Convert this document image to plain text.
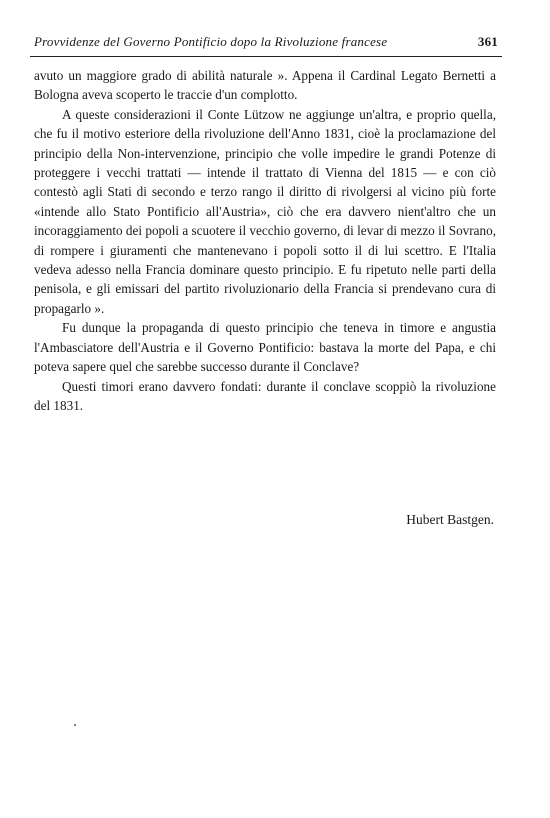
Provvidenze del Governo Pontificio dopo la Rivoluzione francese	361

avuto un maggiore grado di abilità naturale ». Appena il Cardinal Legato Bernetti a Bologna aveva scoperto le traccie d'un complotto.

A queste considerazioni il Conte Lützow ne aggiunge un'altra, e proprio quella, che fu il motivo esteriore della rivoluzione dell'Anno 1831, cioè la proclamazione del principio della Non-intervenzione, principio che volle impedire le grandi Potenze di proteggere i vecchi trattati — intende il trattato di Vienna del 1815 — e con ciò contestò agli Stati di secondo e terzo rango il diritto di rivolgersi al vicino più forte «intende allo Stato Pontificio all'Austria», ciò che era davvero nient'altro che un incoraggiamento dei popoli a scuotere il vecchio governo, di levar di mezzo il Sovrano, di rompere i giuramenti che mantenevano i popoli sotto il di lui scettro. E l'Italia vedeva adesso nella Francia dominare questo principio. E fu ripetuto nelle parti della penisola, e gli emissari del partito rivoluzionario della Francia si prendevano cura di propagarlo ».

Fu dunque la propaganda di questo principio che teneva in timore e angustia l'Ambasciatore dell'Austria e il Governo Pontificio: bastava la morte del Papa, e chi poteva sapere quel che sarebbe successo durante il Conclave?

Questi timori erano davvero fondati: durante il conclave scoppiò la rivoluzione del 1831.

Hubert Bastgen.
